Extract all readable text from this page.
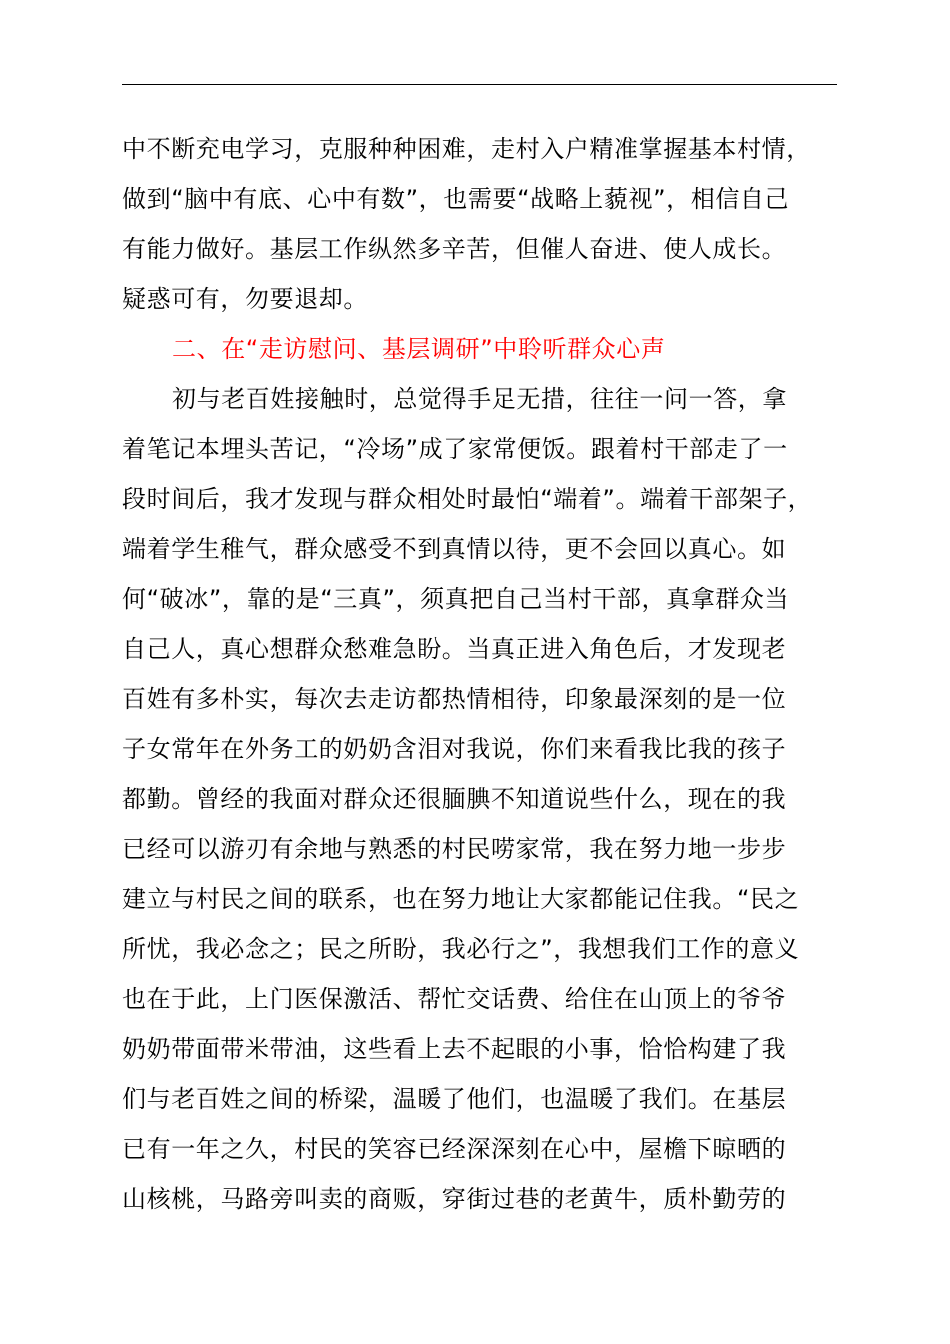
中不断充电学习，克服种种困难，走村入户精准掌握基本村情，
做到“脑中有底、心中有数”，也需要“战略上藐视”，相信自己
有能力做好。基层工作纵然多辛苦，但催人奋进、使人成长。
疑惑可有，勿要退却。
二、在“走访慰问、基层调研”中聆听群众心声
初与老百姓接触时，总觉得手足无措，往往一问一答，拿
着笔记本埋头苦记，“冷场”成了家常便饭。跟着村干部走了一
段时间后，我才发现与群众相处时最怕“端着”。端着干部架子，
端着学生稚气，群众感受不到真情以待，更不会回以真心。如
何“破冰”，靠的是“三真”，须真把自己当村干部，真拿群众当
自己人，真心想群众愁难急盼。当真正进入角色后，才发现老
百姓有多朴实，每次去走访都热情相待，印象最深刻的是一位
子女常年在外务工的奶奶含泪对我说，你们来看我比我的孩子
都勤。曾经的我面对群众还很腼腆不知道说些什么，现在的我
已经可以游刃有余地与熟悉的村民唠家常，我在努力地一步步
建立与村民之间的联系，也在努力地让大家都能记住我。“民之
所忧，我必念之；民之所盼，我必行之”，我想我们工作的意义
也在于此，上门医保激活、帮忙交话费、给住在山顶上的爷爷
奶奶带面带米带油，这些看上去不起眼的小事，恰恰构建了我
们与老百姓之间的桥梁，温暖了他们，也温暖了我们。在基层
已有一年之久，村民的笑容已经深深刻在心中，屋檐下晾晒的
山核桃，马路旁叫卖的商贩，穿街过巷的老黄牛，质朴勤劳的
